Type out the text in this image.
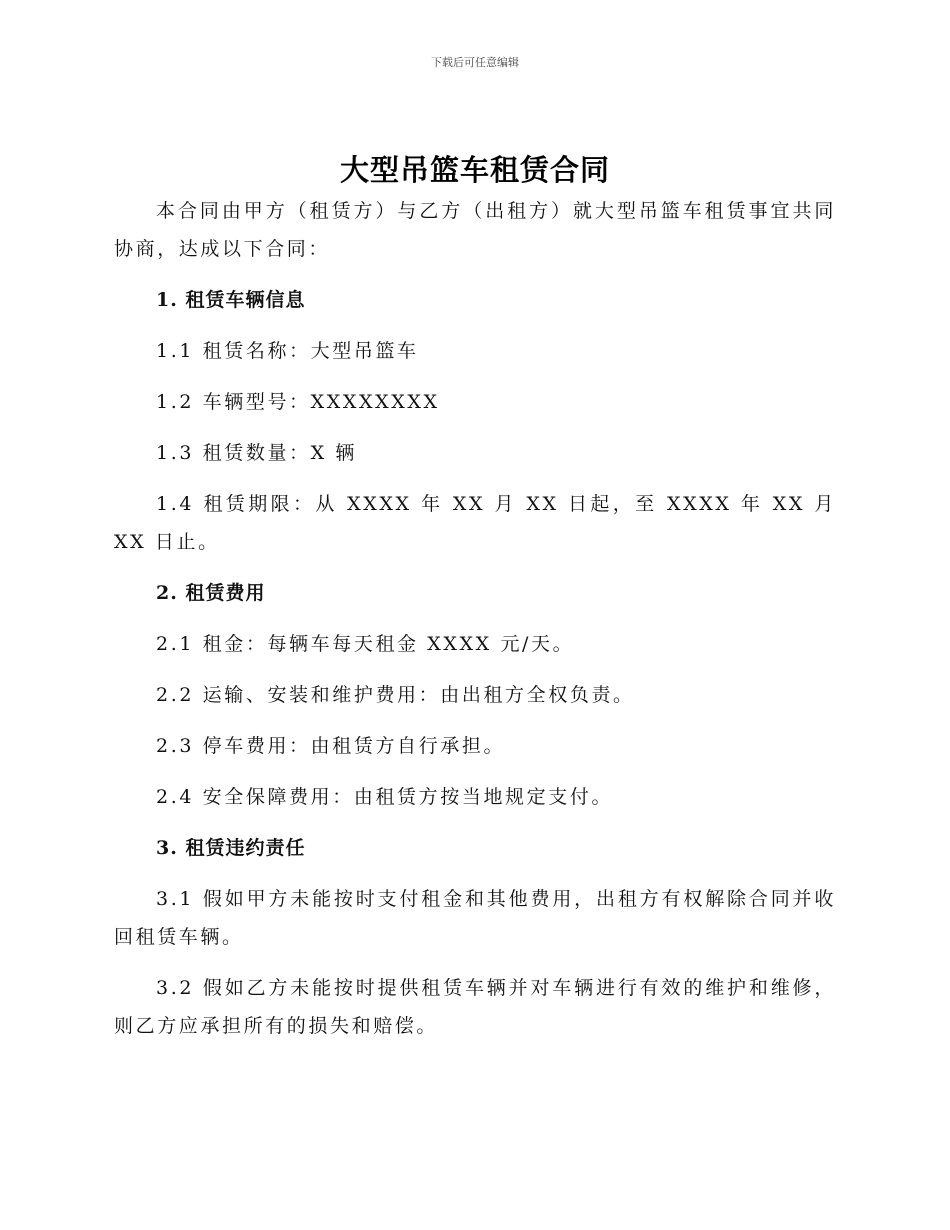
下载后可任意编辑
大型吊篮车租赁合同

本合同由甲方（租赁方）与乙方（出租方）就大型吊篮车租赁事宜共同协商，达成以下合同：

1. 租赁车辆信息

1.1 租赁名称：大型吊篮车

1.2 车辆型号：XXXXXXXX

1.3 租赁数量：X 辆

1.4 租赁期限：从 XXXX 年 XX 月 XX 日起，至 XXXX 年 XX 月 XX 日止。

2. 租赁费用

2.1 租金：每辆车每天租金 XXXX 元/天。

2.2 运输、安装和维护费用：由出租方全权负责。

2.3 停车费用：由租赁方自行承担。

2.4 安全保障费用：由租赁方按当地规定支付。

3. 租赁违约责任

3.1 假如甲方未能按时支付租金和其他费用，出租方有权解除合同并收回租赁车辆。

3.2 假如乙方未能按时提供租赁车辆并对车辆进行有效的维护和维修，则乙方应承担所有的损失和赔偿。
